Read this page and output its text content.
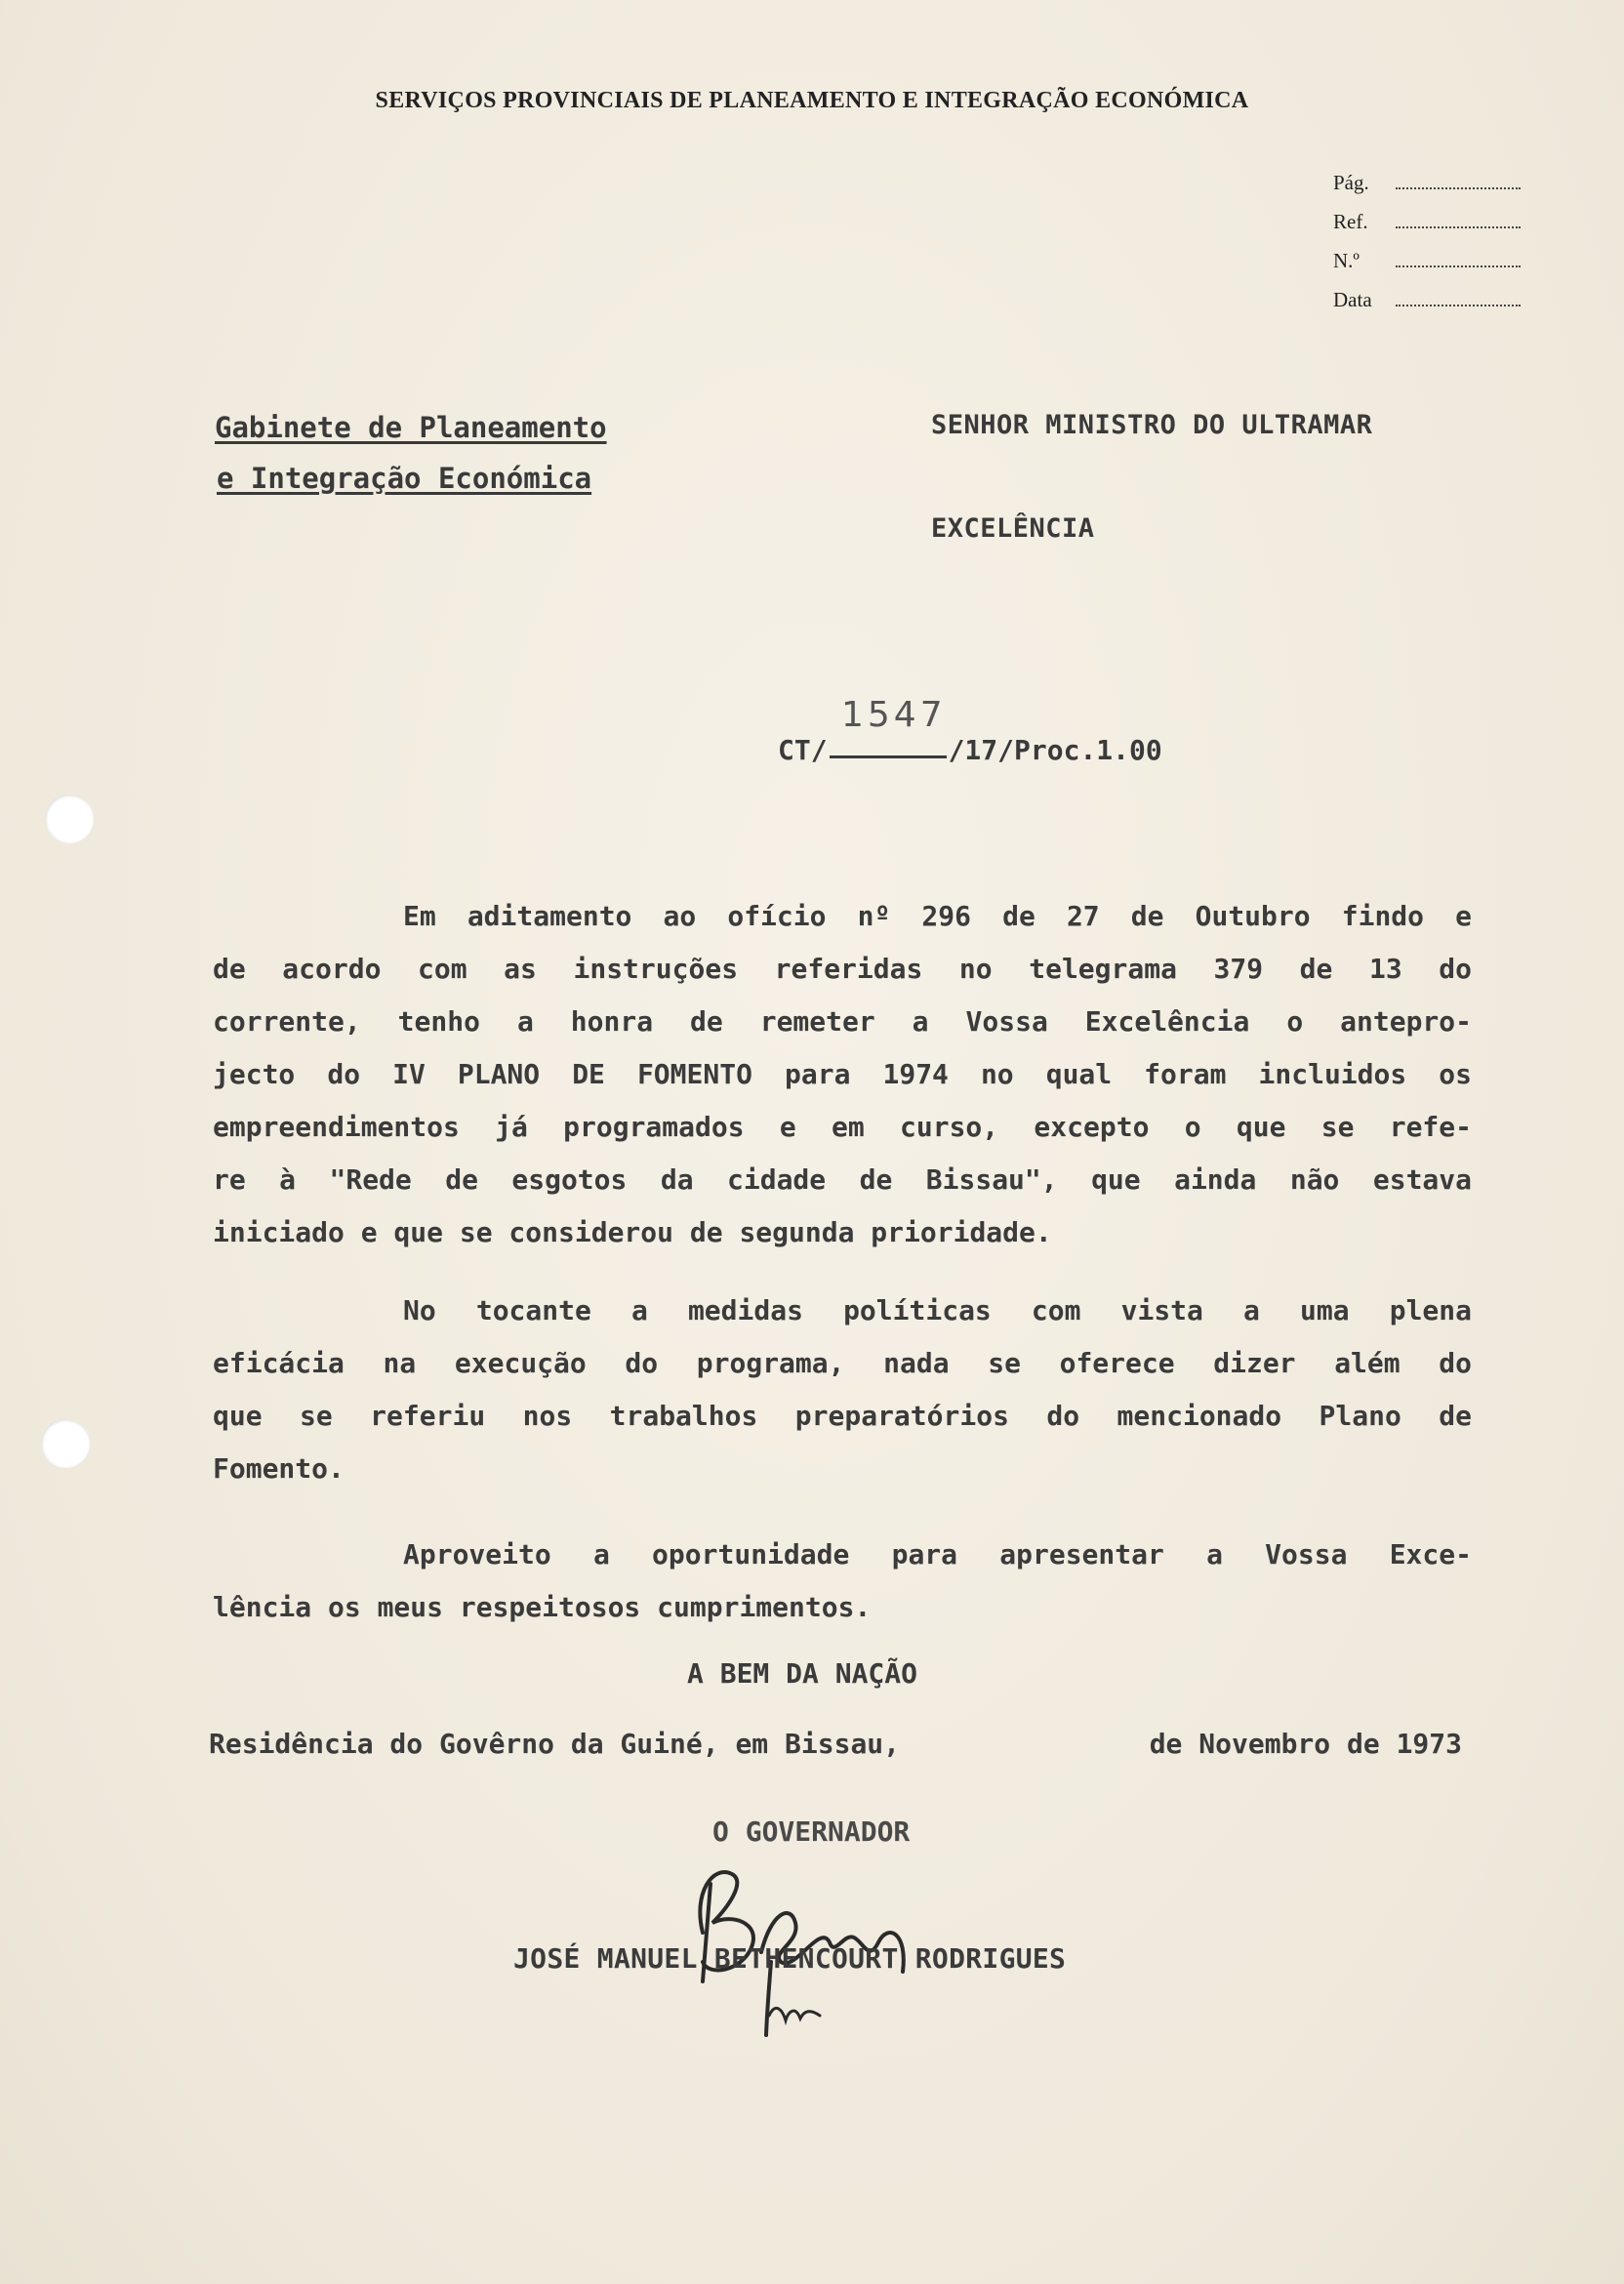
SERVIÇOS PROVINCIAIS DE PLANEAMENTO E INTEGRAÇÃO ECONÓMICA
Pág.
Ref.
N.º
Data
Gabinete de Planeamento
e Integração Económica
SENHOR MINISTRO DO ULTRAMAR
EXCELÊNCIA
1547
CT/	/17/Proc.1.00
Em aditamento ao ofício nº 296 de 27 de Outubro findo e
de acordo com as instruções referidas no telegrama 379 de 13 do
corrente, tenho a honra de remeter a Vossa Excelência o antepro-
jecto do IV PLANO DE FOMENTO para 1974 no qual foram incluidos os
empreendimentos já programados e em curso, excepto o que se refe-
re à "Rede de esgotos da cidade de Bissau", que ainda não estava
iniciado e que se considerou de segunda prioridade.
No tocante a medidas políticas com vista a uma plena
eficácia na execução do programa, nada se oferece dizer além do
que se referiu nos trabalhos preparatórios do mencionado Plano de
Fomento.
Aproveito a oportunidade para apresentar a Vossa Exce-
lência os meus respeitosos cumprimentos.
A BEM DA NAÇÃO
Residência do Govêrno da Guiné, em Bissau,	de Novembro de 1973
O GOVERNADOR
JOSÉ MANUEL BETHENCOURT RODRIGUES
